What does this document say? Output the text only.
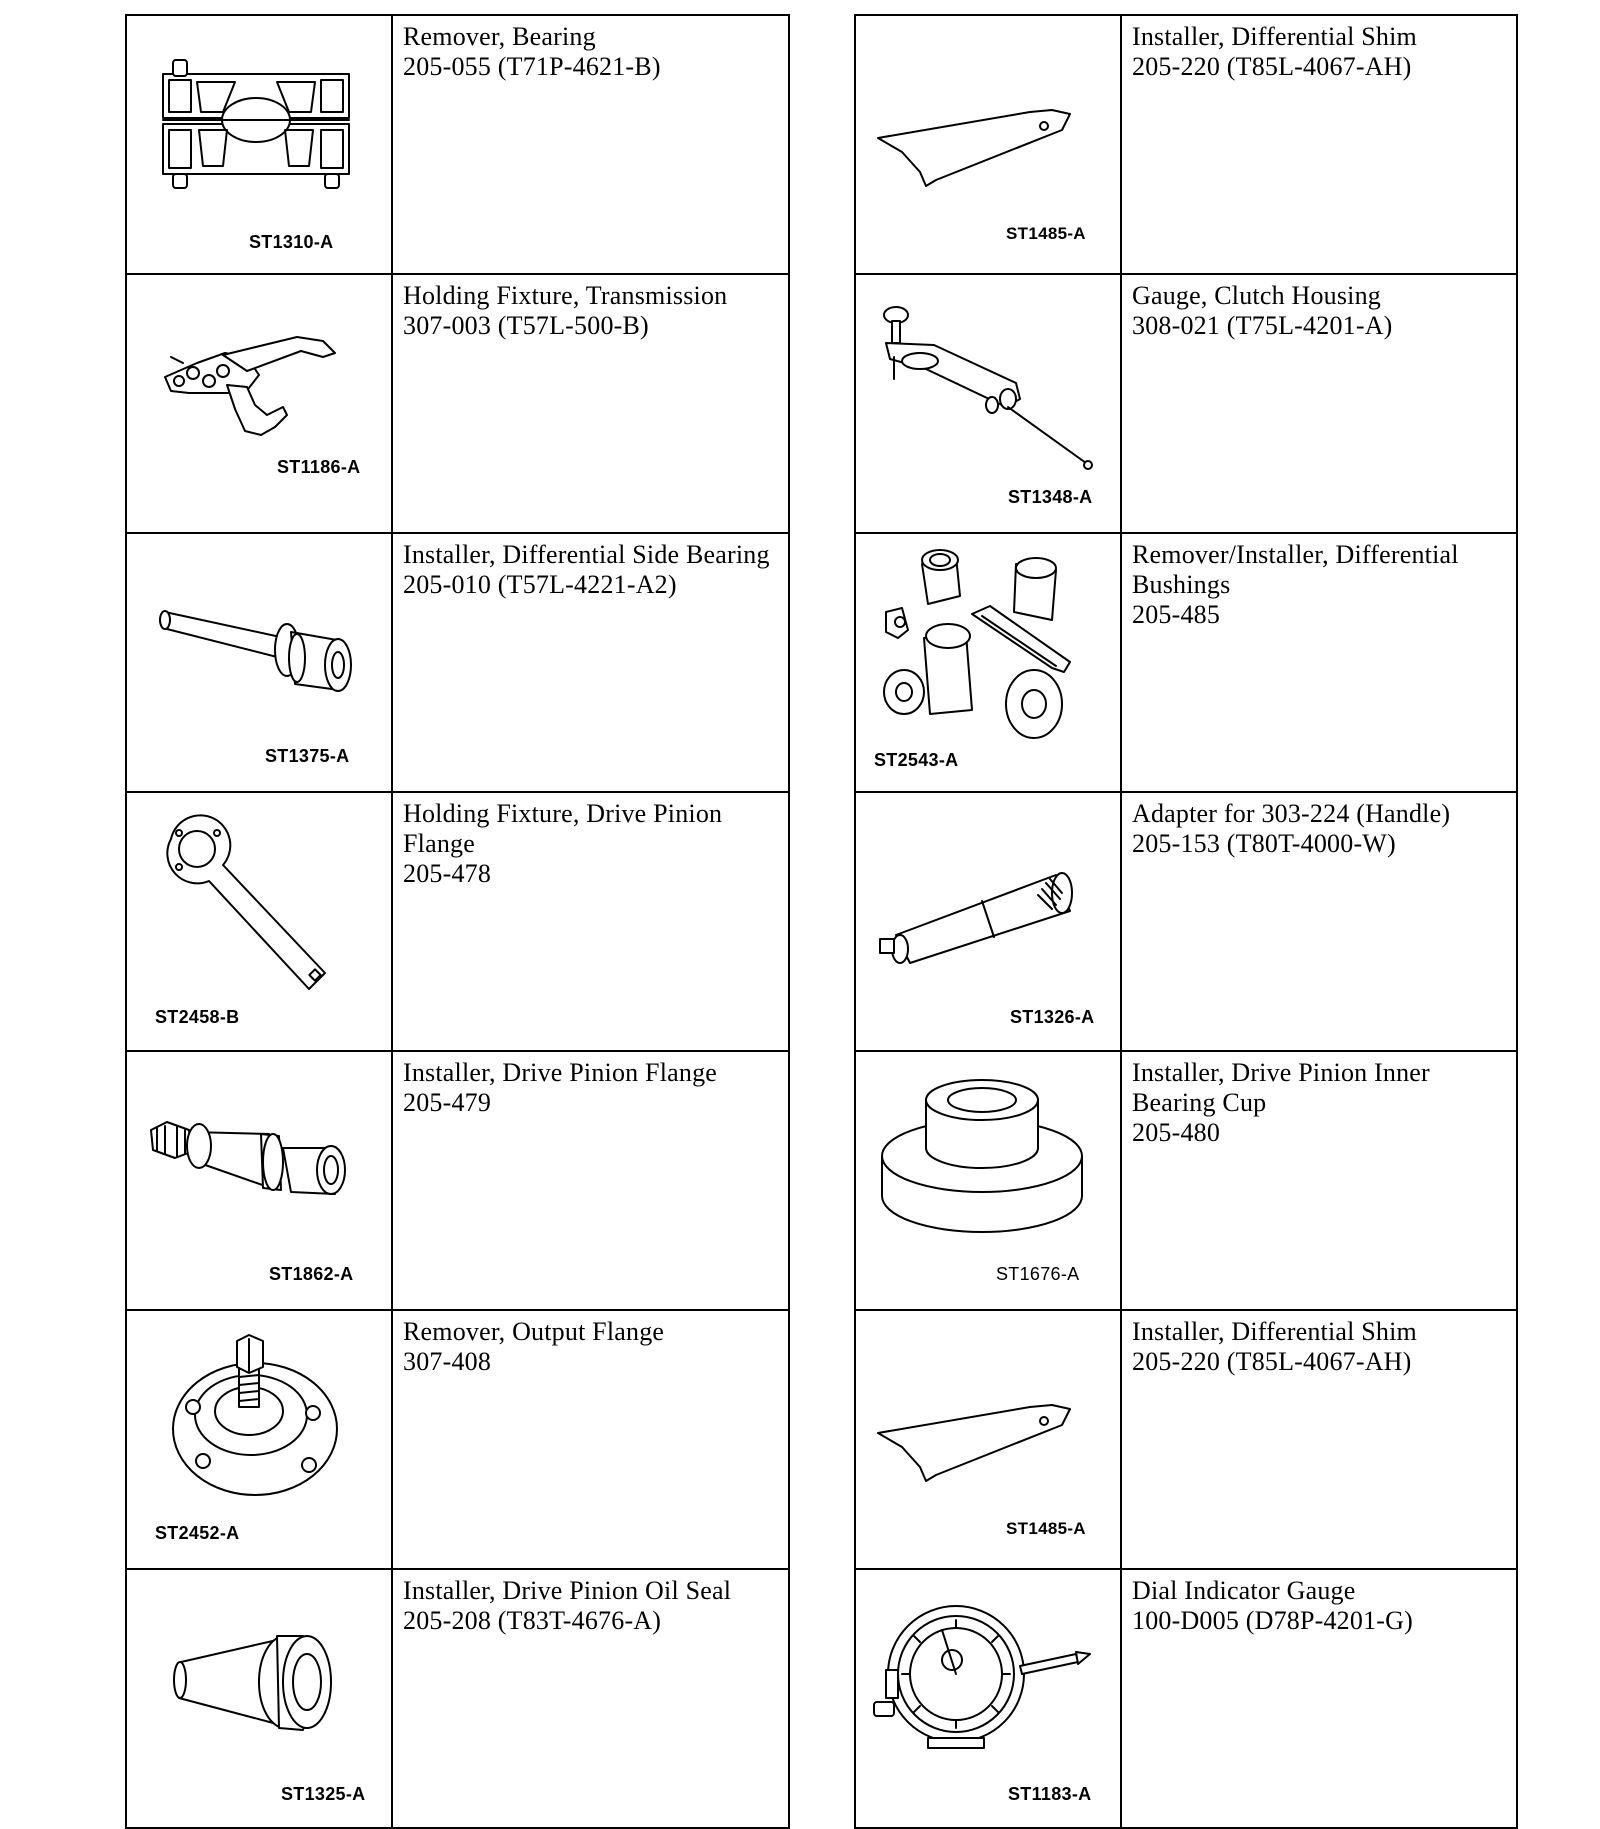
ST1310-A	Remover, Bearing
205-055 (T71P-4621-B)

ST1186-A	Holding Fixture, Transmission
307-003 (T57L-500-B)

ST1375-A	Installer, Differential Side Bearing
205-010 (T57L-4221-A2)

ST2458-B	Holding Fixture, Drive Pinion Flange
205-478

ST1862-A	Installer, Drive Pinion Flange
205-479

ST2452-A	Remover, Output Flange
307-408

ST1325-A	Installer, Drive Pinion Oil Seal
205-208 (T83T-4676-A)
ST1485-A	Installer, Differential Shim
205-220 (T85L-4067-AH)

ST1348-A	Gauge, Clutch Housing
308-021 (T75L-4201-A)

ST2543-A	Remover/Installer, Differential Bushings
205-485

ST1326-A	Adapter for 303-224 (Handle)
205-153 (T80T-4000-W)

ST1676-A	Installer, Drive Pinion Inner Bearing Cup
205-480

ST1485-A	Installer, Differential Shim
205-220 (T85L-4067-AH)

ST1183-A	Dial Indicator Gauge
100-D005 (D78P-4201-G)
